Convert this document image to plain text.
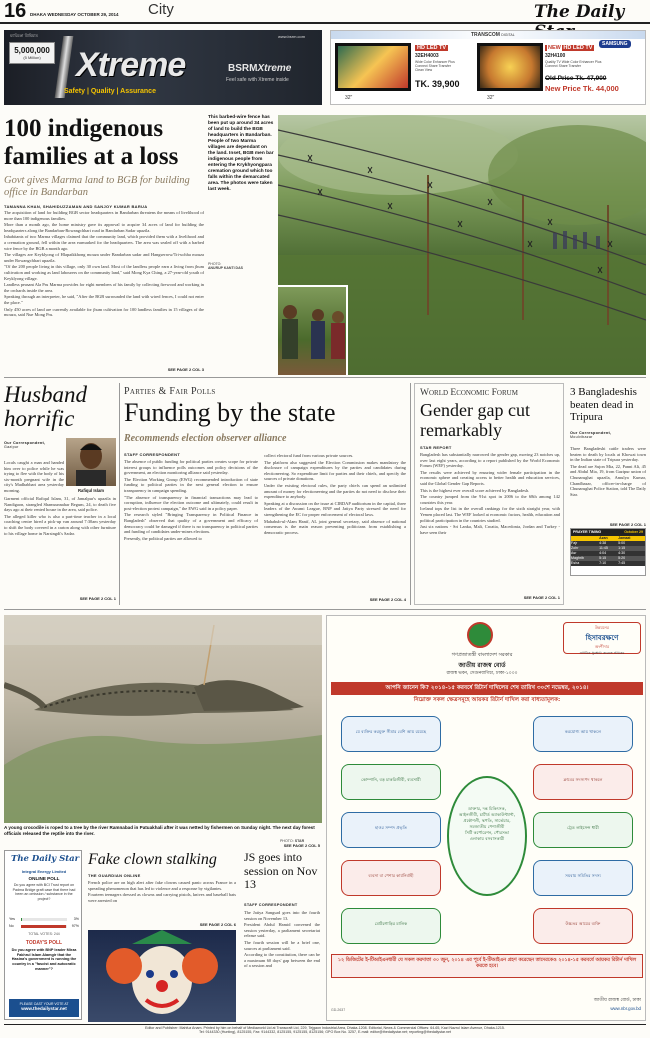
16 DHAKA WEDNESDAY OCTOBER 29, 2014 City	The Daily
ম্যারিকো প্রিমিয়াম
5,000,000
(5 Million)	Xtreme
Safety | Quality | Assurance
www.bsrm.com
BSRMXtreme
Feel safe with Xtreme inside
TRANSCOM DIGITAL
32"
HD LED TV
32EH4003
Wide Color Enhancer Plus
Connect Share Transfer
Clean View
TK. 39,900
32"
NEW HD LED TV
SAMSUNG
32H4100
Quality TV Wide Color Enhancer Plus
Connect Share Transfer
Old Price Tk. 47,900
New Price Tk. 44,000
100 indigenous families at a loss
Govt gives Marma land to BGB for building office in Bandarban
TAMANNA KHAN, SHAHIDUZZAMAN AND SANJOY KUMAR BARUA

The acquisition of land for building BGB sector headquarters in Bandarban threatens the means of livelihood of more than 100 indigenous families.

More than a month ago, the home ministry gave its approval to acquire 34 acres of land for building the headquarters along the Bandarban-Rowangchhari road in Bandarban Sadar upazila.

Inhabitants of two Marma villages claimed that the community land, which provided them with a livelihood and a cremation ground, fell within the area earmarked for the headquarters. The area was sealed off with a barbed wire fence by the BGB a month ago.

The villages are Keyklyong of Hlapaikkhong mouza under Bandarban sadar and Hangserrow/Tri-uchha mouza under Rowangchhari upazila.

"Of the 200 people living in this village, only 30 own land. Most of the landless people earn a living from jhum cultivation and working as land labourers on the community land," said Mong Kya Ching, a 27-year-old youth of Keyklyong village.

Landless peasant Ala Pru Marma provides for eight members of his family by collecting firewood and working in the orchards inside the area.

Speaking through an interpreter, he said, "After the BGB surrounded the land with wired fences, I could not enter the place."

Only 450 acres of land are currently available for jhum cultivation for 100 landless families in 15 villages of the mouza, said Nue Mong Pru.

SEE PAGE 2 COL 3
This barbed-wire fence has been put up around 34 acres of land to build the BGB headquarters in Bandarban. People of two Marma villages are dependant on the land. Inset, BGB men bar indigenous people from entering the Krykhyongpara cremation ground which too falls within the demarcated area. The photos were taken last week.
PHOTO:
ANURUP KANTI DAS
Husband horrific
Our Correspondent,
Gazipur
Rafiqul Islam

Locals caught a man and handed him over to police while he was trying to flee with the body of his six-month pregnant wife in the city's Madhabbari area yesterday morning.

Garment official Rafiqul Islam, 31, of Jamalpur's upazila in Nandigaon, strangled Shamsunnahar Begum, 24, to death five days ago at their rented house in the area, said police.

The alleged killer who is also a part-time teacher in a local coaching centre hired a pick-up van around 7:30am yesterday to shift the body covered in a carton along with other furniture to his village home in Narsingdi's Sadar.

SEE PAGE 2 COL 1
Parties & Fair Polls
Funding by the state
Recommends election observer alliance
STAFF CORRESPONDENT

The absence of public funding for political parties creates scope for private interest groups to influence polls outcomes and policy decisions of the government, an election monitoring alliance said yesterday.

The Election Working Group (EWG) recommended introduction of state funding to political parties in the next general election to ensure transparency in campaign spending.

"The absence of transparency in financial transactions may lead to corruption, influence the election outcome and ultimately, could result in post-election protest campaign," the EWG said in a policy paper.

The research styled "Bringing Transparency in Political Finance in Bangladesh" observed that quality of a government and efficacy of democracy could be damaged if there is no transparency in political parties and funding of candidates under-mines elections.

Presently, the political parties are allowed to

collect electoral fund from various private sources.

The platform also suggested the Election Commission makes mandatory the disclosure of campaign expenditures by the parties and candidates during electioneering. So expenditure limit for parties and their chiefs, and specify the sources of private donations.

Under the existing electoral rules, the party chiefs can spend an unlimited amount of money for electioneering and the parties do not need to disclose their expenditure to anybody.

Speaking at a discussion on the issue at CIRDAP auditorium in the capital, three leaders of the Awami League, BNP and Jatiya Party stressed the need for strengthening the EC for proper enforcement of electoral laws.

Mahabub-ul-Alam Hanif, AL joint general secretary, said absence of national consensus is the main reason preventing politicians from establishing a democratic process.

SEE PAGE 2 COL 4
World Economic Forum
Gender gap cut remarkably
STAR REPORT

Bangladesh has substantially narrowed the gender gap, moving 23 notches up, over last eight years, according to a report published by the World Economic Forum (WEF) yesterday.

The results were achieved by ensuring wider female participation in the economic sphere and creating access to better health and education services, said the Global Gender Gap Reports.

This is the highest ever overall score achieved by Bangladesh.

The country jumped from the 91st spot in 2006 to the 68th among 142 countries this year.

Iceland tops the list in the overall rankings for the sixth straight year, with Yemen placed last. The WEF looked at economic factors, health, education and political participation in the countries studied.

Just six nations - Sri Lanka, Mali, Croatia, Macedonia, Jordan and Turkey - have seen their

SEE PAGE 2 COL 1
3 Bangladeshis beaten dead in Tripura
Our Correspondent,
Moulvibazar

Three Bangladeshi cattle traders were beaten to death by locals at Khowai town in the Indian state of Tripura yesterday.

The dead are Sujon Mia, 22, Panni Ali, 45 and Abdul Mia, 19, from Gazipur union of Chunarughat upazila, Amulya Kumar, Chandbazar, officer-in-charge of Chunarughat Police Station, told The Daily Star.

SEE PAGE 2 COL 1
PRAYER TIMING	October 29
	Azan	Jamaat
Fajr	4:38	5:00
Zohr	11:45	1:15
Asr	4:04	4:30
Maghrib	5:15	5:20
Esha	7:10	7:45
A young crocodile is roped to a tree by the river Ramnabad in Patuakhali after it was netted by fishermen on Sunday night. The next day forest officials released the reptile into the river.
PHOTO: STAR
গণপ্রজাতন্ত্রী বাংলাদেশ সরকার
জাতীয় রাজস্ব বোর্ড
রাজস্ব ভবন, সেগুনবাগিচা, ঢাকা-১০০০
উন্নয়নের
হিসাবরক্ষণে
অংশীদার
নাগরিক সুরক্ষায় করেতে আয়কর
আপনি জানেন কি? ২০১৪-১৫ করবর্ষে রিটার্ন দাখিলের শেষ তারিখ ৩০শে নভেম্বর, ২০১৪।
নিম্নোক্ত সকল ক্ষেত্রসমূহে আয়কর রিটার্ন দাখিল করা বাধ্যতামূলক:
যে ব্যক্তির করমুক্ত সীমার বেশি আয় রয়েছে
কোম্পানি, বড় চাকরিজীবী, ব্যবসায়ী
হাওর সম্পদ প্রভৃতি
ব্যবসা বা পেশার কার্যনির্বাহী
মোটরগাড়ির মালিক
করযোগ্য আয় থাকলে
ক্লাবের সদস্যপদ থাকলে
ট্রেড লাইসেন্স ধারী
সমবায় সমিতির সদস্য
উচ্চতর আয়ের ব্যক্তি
ডাক্তার, দন্ত চিকিৎসক,
আইনজীবী, চার্টার্ড অ্যাকাউন্ট্যান্ট,
প্রকৌশলী, স্থপতি, সার্ভেয়ার,
সমজাতীয় পেশাজীবী
সিটি কর্পোরেশন, পৌরসভা
এলাকায় বসবাসকারী
১২ ডিজিটের ই-টিআইএনধারী যে সকল করদাতা ৩০ জুন, ২০১৪ এর পূর্বে ই-টিআইএন গ্রহণ করেছেন তাদেরকেও ২০১৪-১৫ করবর্ষে আয়কর রিটার্ন দাখিল করতে হবে।
GD-2637
জাতীয় রাজস্ব বোর্ড, ঢাকা
www.nbr.gov.bd
The Daily Star
Integral Energy Limited
ONLINE POLL
Do you agree with BCI Trust report on Padma Bridge graft case that there had been an omission / substance in the project?
Yes	3%
No	97%
TOTAL VOTES: 244
TODAY'S POLL
Do you agree with BNP leader Mirza Fakhrul Islam Alamgir that the Hasina's government is running the country in a "fascist and autocratic manner"?
PLEASE CAST YOUR VOTE AT
www.thedailystar.net
Fake clown stalking
THE GUARDIAN ONLINE

French police are on high alert after fake clowns caused panic across France in a spreading phenomenon that has led to violence and a response by vigilantes.

Fourteen teenagers dressed as clowns and carrying pistols, knives and baseball bats were arrested on

SEE PAGE 2 COL 6
JS goes into session on Nov 13
STAFF CORRESPONDENT

The Jatiya Sangsad goes into the fourth session on November 13.

President Abdul Hamid convened the session yesterday, a parliament secretariat release said.

The fourth session will be a brief one, sources at parliament said.

According to the constitution, there can be a maximum 60 days' gap between the end of a session and

SEE PAGE 2 COL 5
Editor and Publisher: Mahfuz Anam. Printed by him on behalf of Mediaworld Ltd at Transcraft Ltd, 229, Tejgaon Industrial Area, Dhaka-1208. Editorial, News & Commercial Offices: 64-65, Kazi Nazrul Islam Avenue, Dhaka-1215.
Tel: 9144330 (Hunting), 8125155, Fax: 9144332, 8125155, 9125155, 8125156; GPO Box No. 3257, E-mail: editor@thedailystar.net; reporting@thedailystar.net
